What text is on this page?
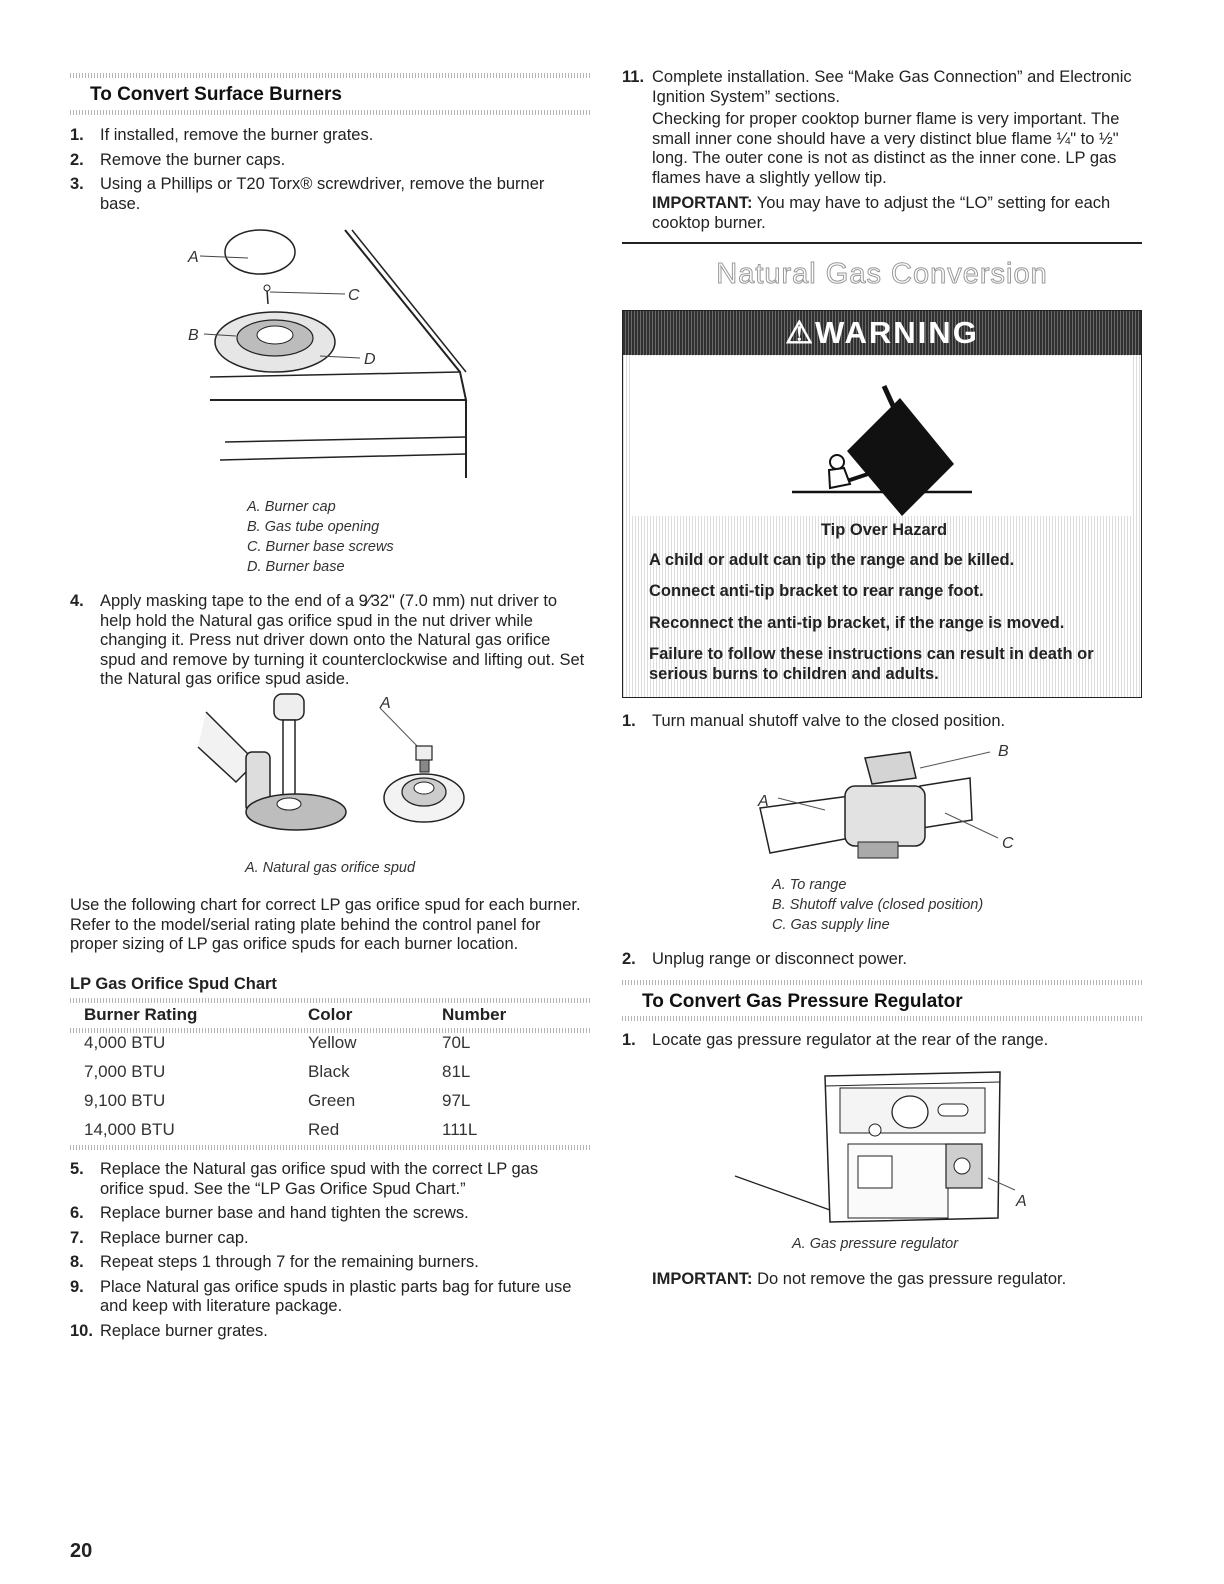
To Convert Surface Burners
1. If installed, remove the burner grates.
2. Remove the burner caps.
3. Using a Phillips or T20 Torx® screwdriver, remove the burner base.
A
C
B
D
A. Burner cap
B. Gas tube opening
C. Burner base screws
D. Burner base
4. Apply masking tape to the end of a 9⁄32" (7.0 mm) nut driver to help hold the Natural gas orifice spud in the nut driver while changing it. Press nut driver down onto the Natural gas orifice spud and remove by turning it counterclockwise and lifting out. Set the Natural gas orifice spud aside.
A
A. Natural gas orifice spud
Use the following chart for correct LP gas orifice spud for each burner. Refer to the model/serial rating plate behind the control panel for proper sizing of LP gas orifice spuds for each burner location.
LP Gas Orifice Spud Chart
Burner Rating	Color	Number
4,000 BTU	Yellow	70L
7,000 BTU	Black	81L
9,100 BTU	Green	97L
14,000 BTU	Red	111L
5. Replace the Natural gas orifice spud with the correct LP gas orifice spud. See the “LP Gas Orifice Spud Chart.”
6. Replace burner base and hand tighten the screws.
7. Replace burner cap.
8. Repeat steps 1 through 7 for the remaining burners.
9. Place Natural gas orifice spuds in plastic parts bag for future use and keep with literature package.
10. Replace burner grates.
11. Complete installation. See “Make Gas Connection” and Electronic Ignition System” sections.
Checking for proper cooktop burner flame is very important. The small inner cone should have a very distinct blue flame ¼" to ½" long. The outer cone is not as distinct as the inner cone. LP gas flames have a slightly yellow tip.
IMPORTANT: You may have to adjust the “LO” setting for each cooktop burner.
Natural Gas Conversion
⚠WARNING
Tip Over Hazard
A child or adult can tip the range and be killed.
Connect anti-tip bracket to rear range foot.
Reconnect the anti-tip bracket, if the range is moved.
Failure to follow these instructions can result in death or serious burns to children and adults.
1. Turn manual shutoff valve to the closed position.
A
B
C
A. To range
B. Shutoff valve (closed position)
C. Gas supply line
2. Unplug range or disconnect power.
To Convert Gas Pressure Regulator
1. Locate gas pressure regulator at the rear of the range.
A
A. Gas pressure regulator
IMPORTANT: Do not remove the gas pressure regulator.
20
